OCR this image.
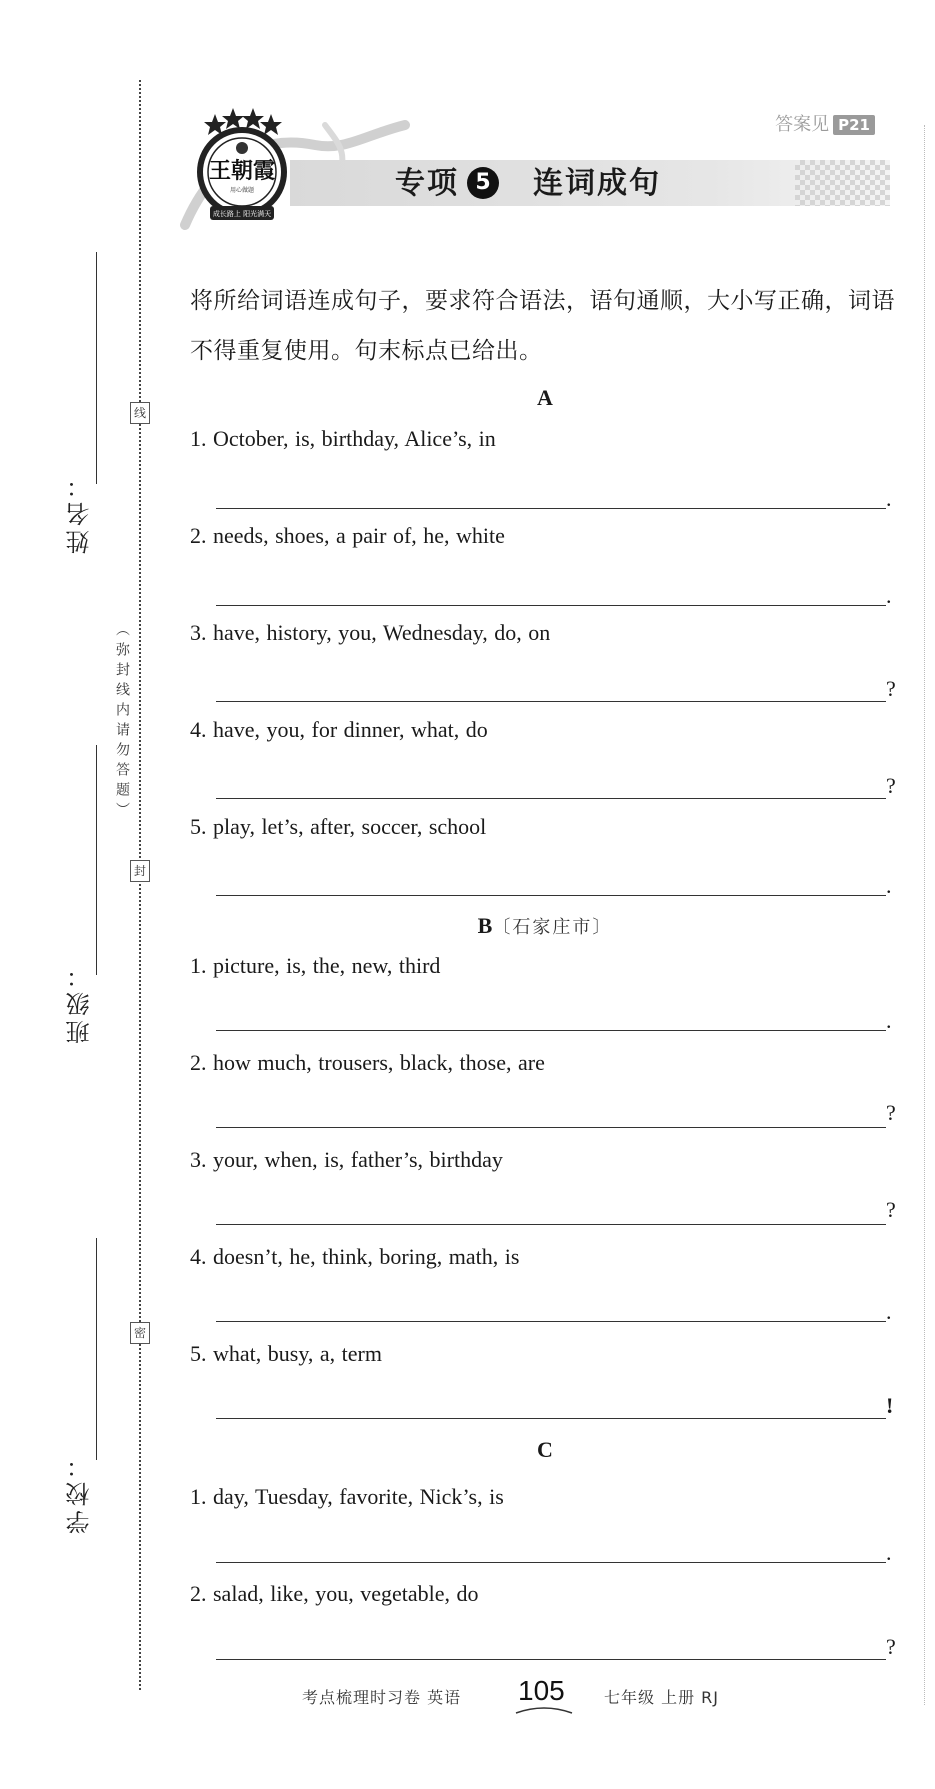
姓名：
班级：
学校：
线
封
密
（弥封线内请勿答题）
答案见 P21
专项 5 连词成句
成长路上 阳光满天
王朝霞
用心做题
将所给词语连成句子，要求符合语法，语句通顺，大小写正确，词语不得重复使用。句末标点已给出。
A
1. October, is, birthday, Alice’s, in
.
2. needs, shoes, a pair of, he, white
.
3. have, history, you, Wednesday, do, on
?
4. have, you, for dinner, what, do
?
5. play, let’s, after, soccer, school
.
B〔石家庄市〕
1. picture, is, the, new, third
.
2. how much, trousers, black, those, are
?
3. your, when, is, father’s, birthday
?
4. doesn’t, he, think, boring, math, is
.
5. what, busy, a, term
!
C
1. day, Tuesday, favorite, Nick’s, is
.
2. salad, like, you, vegetable, do
?
考点梳理时习卷 英语 105 七年级 上册 RJ
